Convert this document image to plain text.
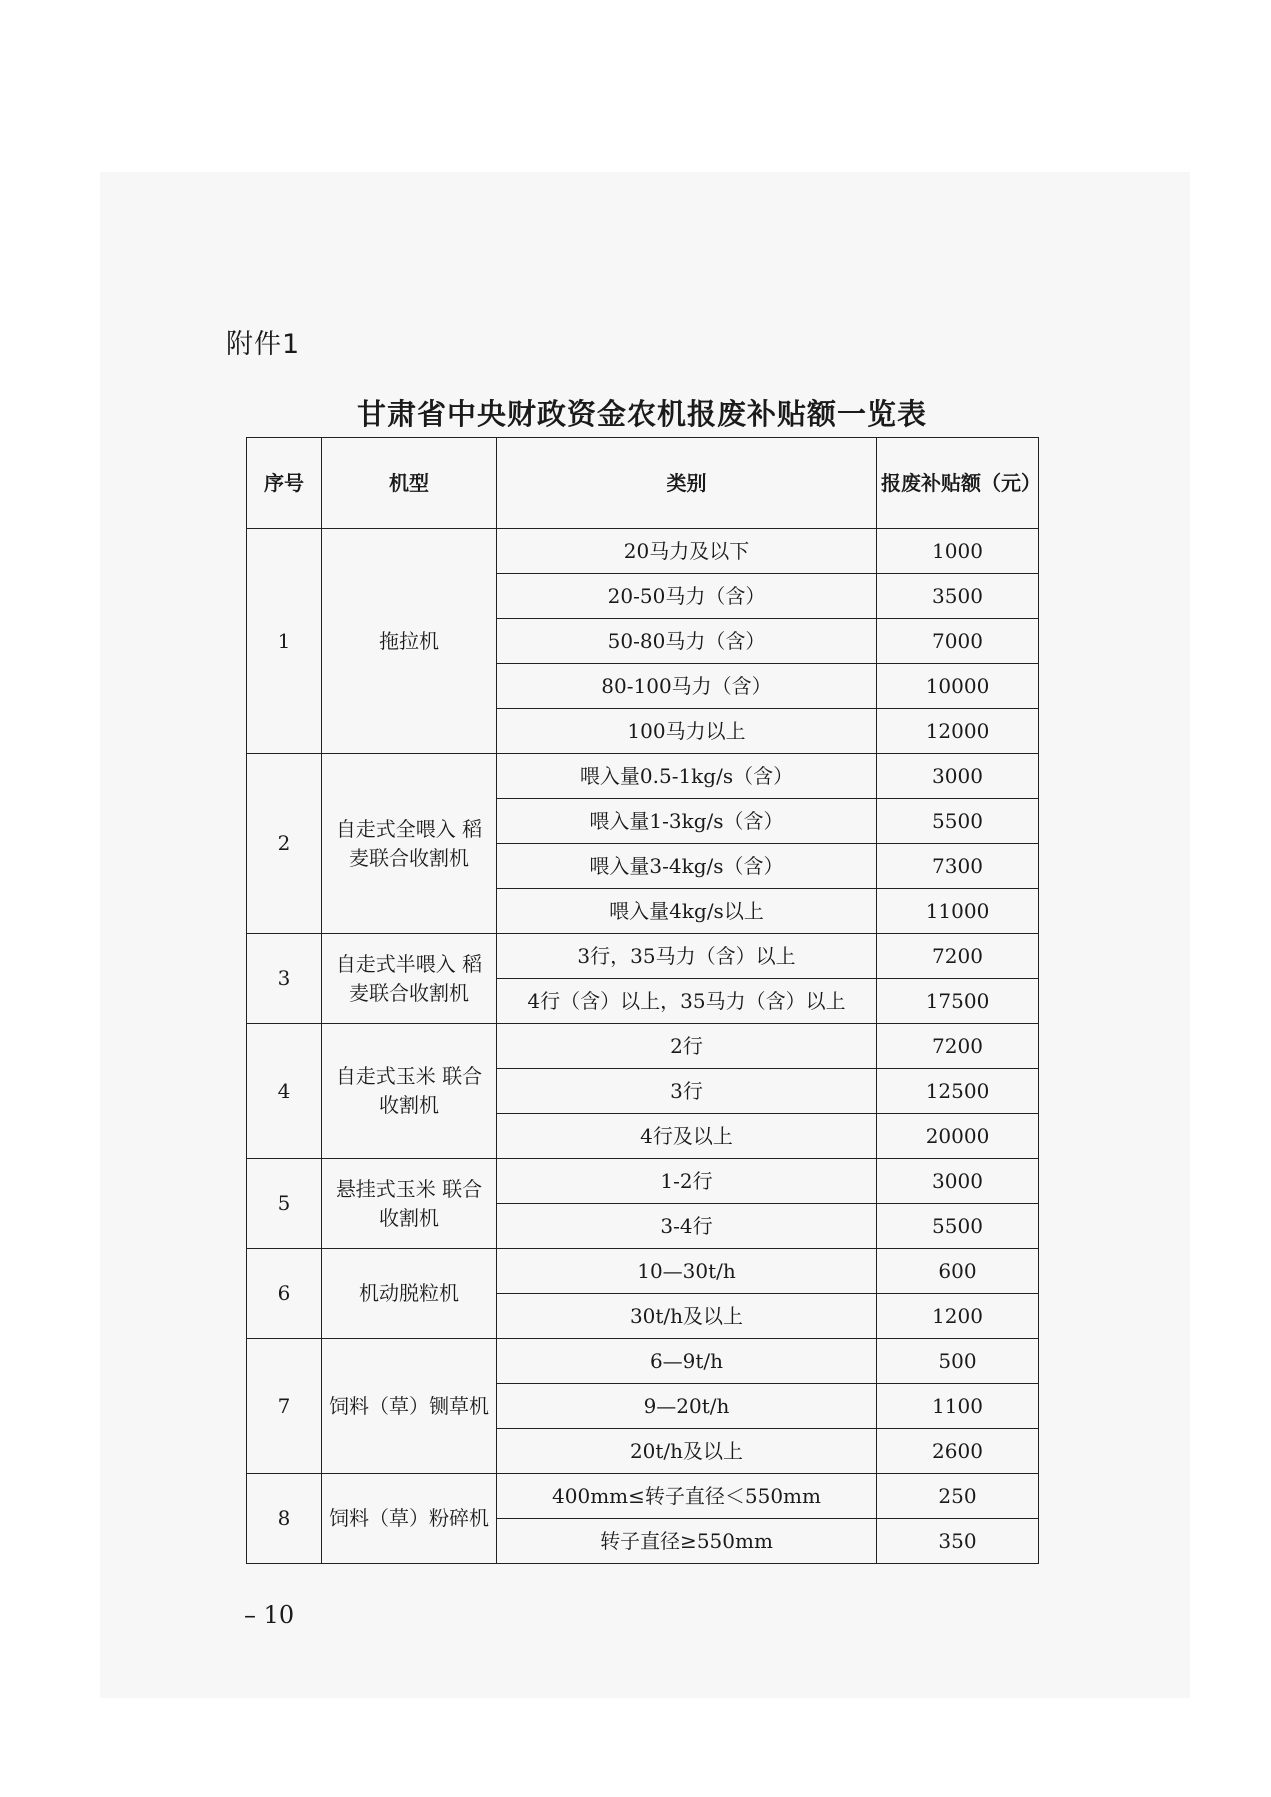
附件1
甘肃省中央财政资金农机报废补贴额一览表
序号	机型	类别	报废补贴额（元）
1	拖拉机	20马力及以下	1000
		20-50马力（含）	3500
		50-80马力（含）	7000
		80-100马力（含）	10000
		100马力以上	12000
2	自走式全喂入 稻麦联合收割机	喂入量0.5-1kg/s（含）	3000
		喂入量1-3kg/s（含）	5500
		喂入量3-4kg/s（含）	7300
		喂入量4kg/s以上	11000
3	自走式半喂入 稻麦联合收割机	3行，35马力（含）以上	7200
		4行（含）以上，35马力（含）以上	17500
4	自走式玉米 联合收割机	2行	7200
		3行	12500
		4行及以上	20000
5	悬挂式玉米 联合收割机	1-2行	3000
		3-4行	5500
6	机动脱粒机	10—30t/h	600
		30t/h及以上	1200
7	饲料（草）铡草机	6—9t/h	500
		9—20t/h	1100
		20t/h及以上	2600
8	饲料（草）粉碎机	400mm≤转子直径＜550mm	250
		转子直径≥550mm	350
– 10
